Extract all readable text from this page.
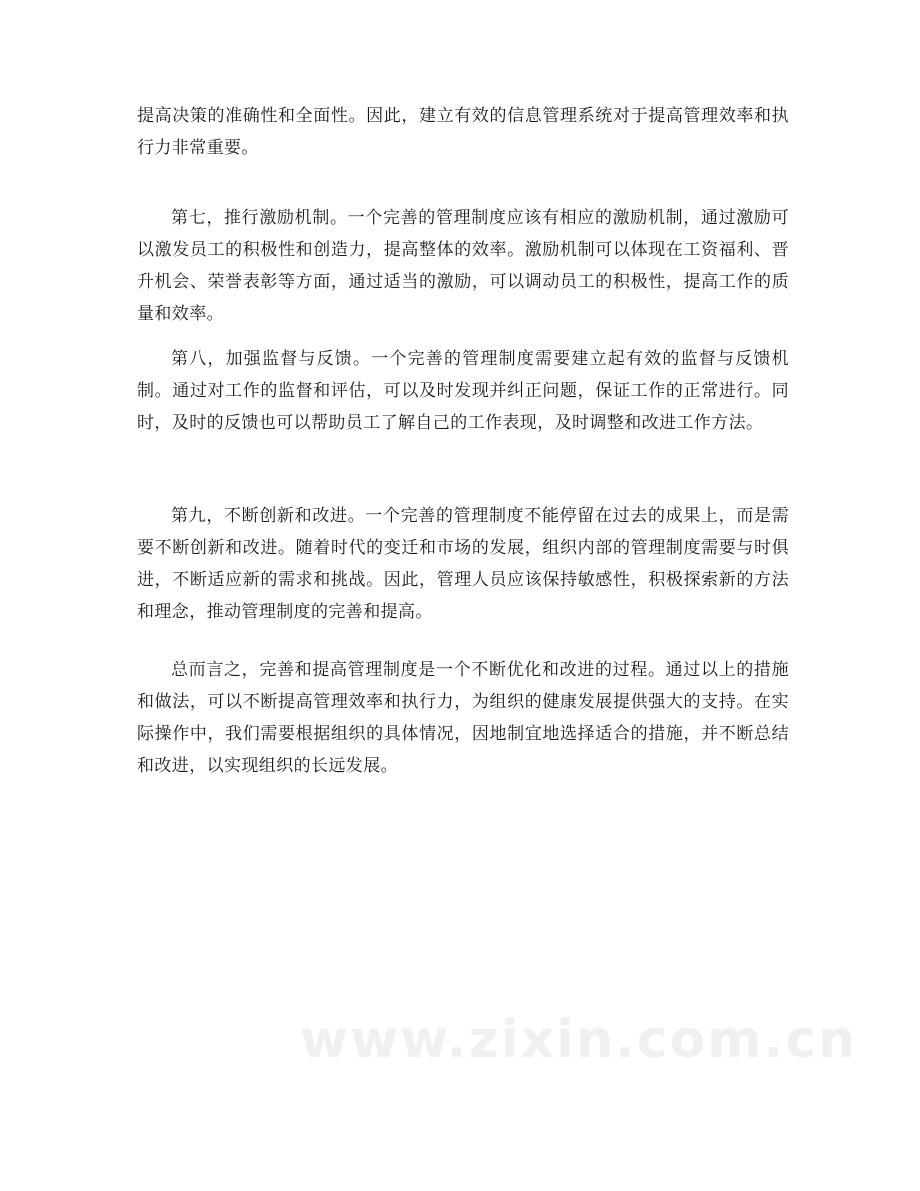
提高决策的准确性和全面性。因此，建立有效的信息管理系统对于提高管理效率和执行力非常重要。

第七，推行激励机制。一个完善的管理制度应该有相应的激励机制，通过激励可以激发员工的积极性和创造力，提高整体的效率。激励机制可以体现在工资福利、晋升机会、荣誉表彰等方面，通过适当的激励，可以调动员工的积极性，提高工作的质量和效率。

第八，加强监督与反馈。一个完善的管理制度需要建立起有效的监督与反馈机制。通过对工作的监督和评估，可以及时发现并纠正问题，保证工作的正常进行。同时，及时的反馈也可以帮助员工了解自己的工作表现，及时调整和改进工作方法。

第九，不断创新和改进。一个完善的管理制度不能停留在过去的成果上，而是需要不断创新和改进。随着时代的变迁和市场的发展，组织内部的管理制度需要与时俱进，不断适应新的需求和挑战。因此，管理人员应该保持敏感性，积极探索新的方法和理念，推动管理制度的完善和提高。

总而言之，完善和提高管理制度是一个不断优化和改进的过程。通过以上的措施和做法，可以不断提高管理效率和执行力，为组织的健康发展提供强大的支持。在实际操作中，我们需要根据组织的具体情况，因地制宜地选择适合的措施，并不断总结和改进，以实现组织的长远发展。

www.zixin.com.cn
